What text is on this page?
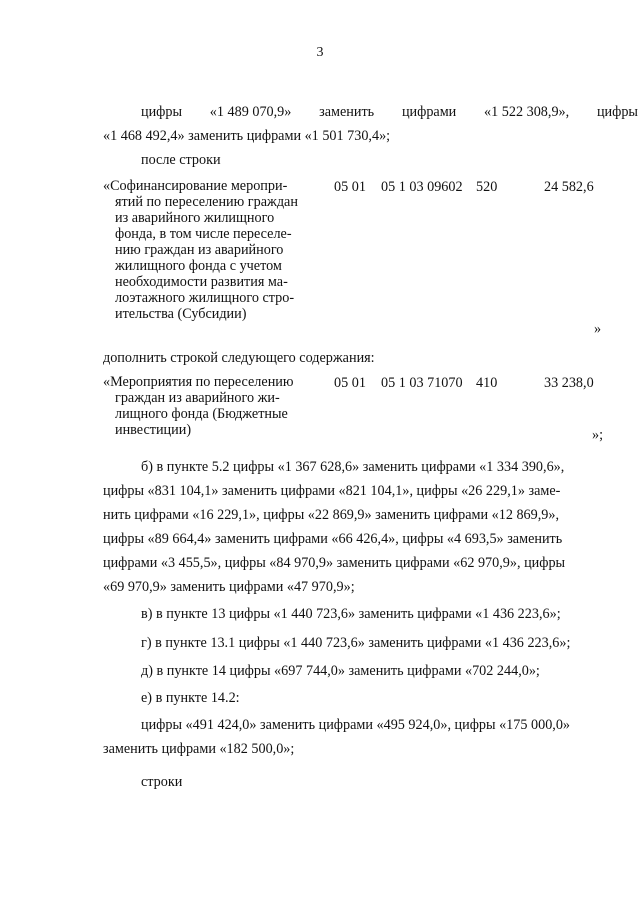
3
цифры «1 489 070,9» заменить цифрами «1 522 308,9», цифры
«1 468 492,4» заменить цифрами «1 501 730,4»;
после строки
«Софинансирование меропри-
ятий по переселению граждан
из аварийного жилищного
фонда, в том числе переселе-
нию граждан из аварийного
жилищного фонда с учетом
необходимости развития ма-
лоэтажного жилищного стро-
ительства (Субсидии)
05 01 05 1 03 09602 520	24 582,6
»
дополнить строкой следующего содержания:
«Мероприятия по переселению
граждан из аварийного жи-
лищного фонда (Бюджетные
инвестиции)
05 01 05 1 03 71070 410	33 238,0
»;
б) в пункте 5.2 цифры «1 367 628,6» заменить цифрами «1 334 390,6»,
цифры «831 104,1» заменить цифрами «821 104,1», цифры «26 229,1» заме-
нить цифрами «16 229,1», цифры «22 869,9» заменить цифрами «12 869,9»,
цифры «89 664,4» заменить цифрами «66 426,4», цифры «4 693,5» заменить
цифрами «3 455,5», цифры «84 970,9» заменить цифрами «62 970,9», цифры
«69 970,9» заменить цифрами «47 970,9»;
в) в пункте 13 цифры «1 440 723,6» заменить цифрами «1 436 223,6»;
г) в пункте 13.1 цифры «1 440 723,6» заменить цифрами «1 436 223,6»;
д) в пункте 14 цифры «697 744,0» заменить цифрами «702 244,0»;
е) в пункте 14.2:
цифры «491 424,0» заменить цифрами «495 924,0», цифры «175 000,0»
заменить цифрами «182 500,0»;
строки
